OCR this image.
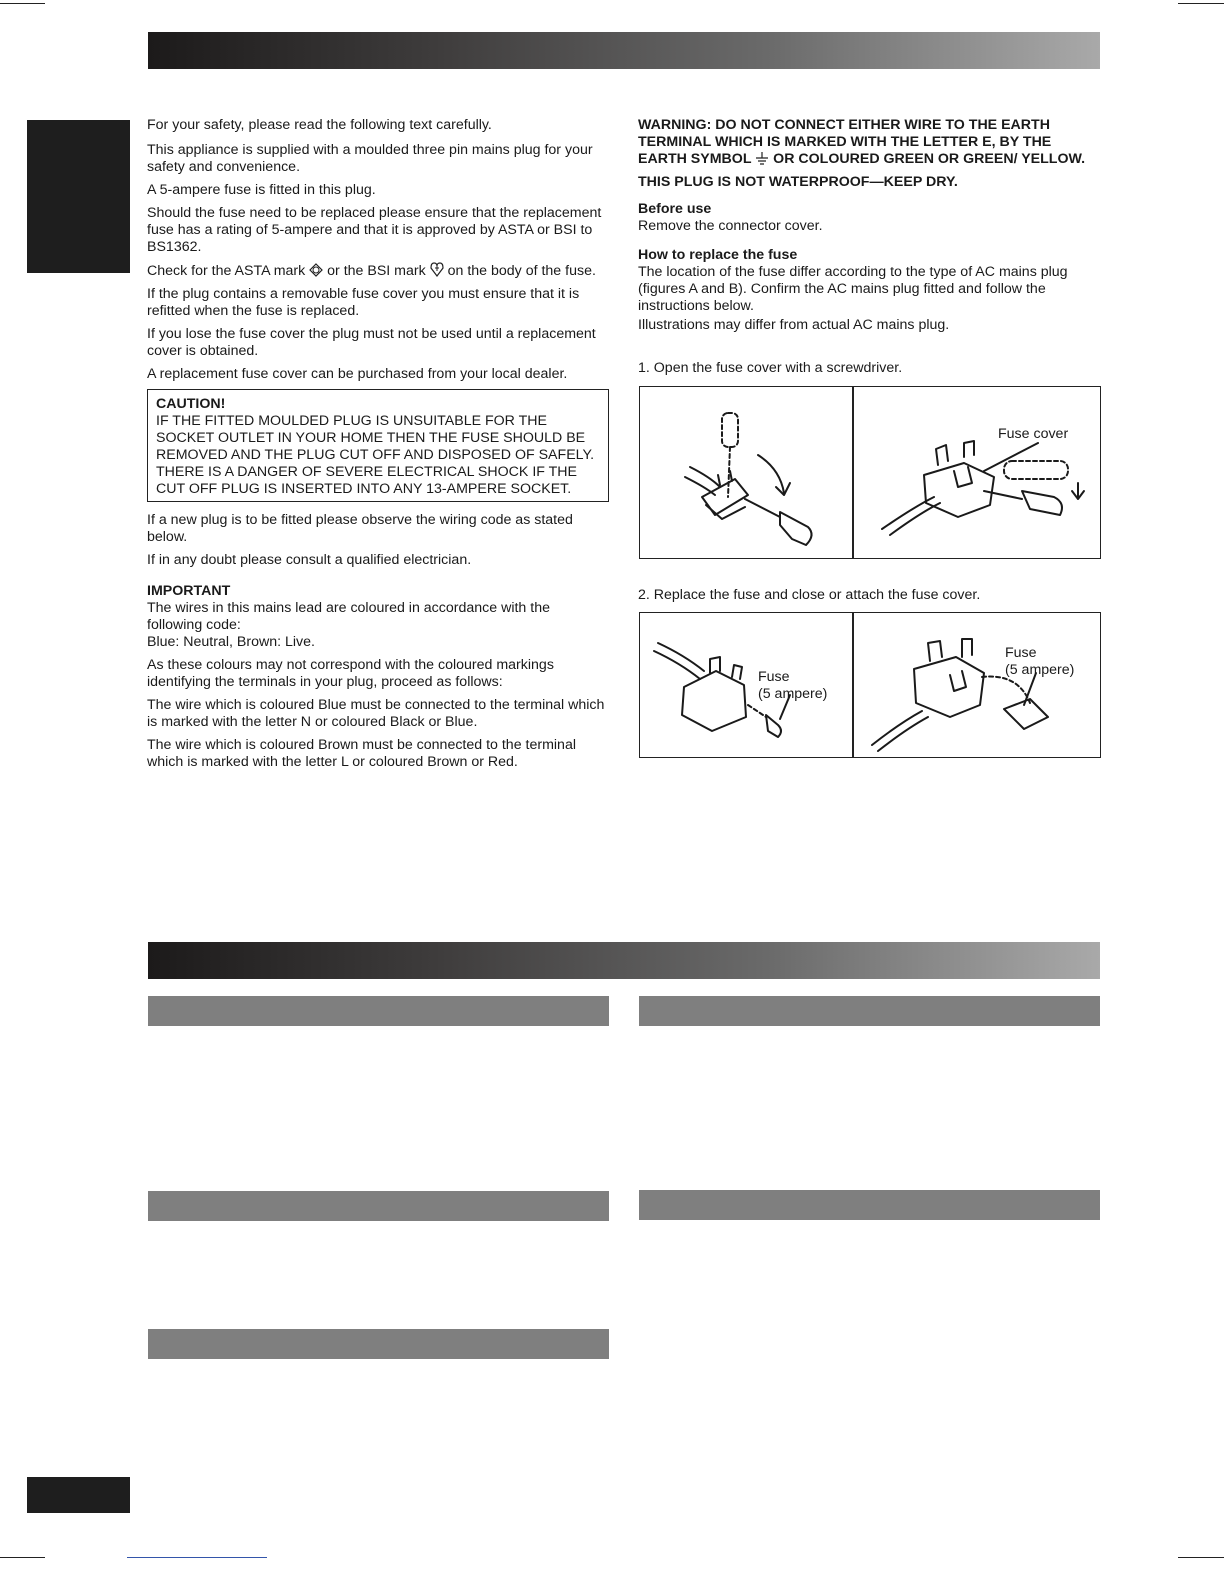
For your safety, please read the following text carefully.

This appliance is supplied with a moulded three pin mains plug for your safety and convenience.

A 5-ampere fuse is fitted in this plug.

Should the fuse need to be replaced please ensure that the replacement fuse has a rating of 5-ampere and that it is approved by ASTA or BSI to BS1362.

Check for the ASTA mark or the BSI mark on the body of the fuse.

If the plug contains a removable fuse cover you must ensure that it is refitted when the fuse is replaced.

If you lose the fuse cover the plug must not be used until a replacement cover is obtained.

A replacement fuse cover can be purchased from your local dealer.

CAUTION!
IF THE FITTED MOULDED PLUG IS UNSUITABLE FOR THE SOCKET OUTLET IN YOUR HOME THEN THE FUSE SHOULD BE REMOVED AND THE PLUG CUT OFF AND DISPOSED OF SAFELY.
THERE IS A DANGER OF SEVERE ELECTRICAL SHOCK IF THE CUT OFF PLUG IS INSERTED INTO ANY 13-AMPERE SOCKET.

If a new plug is to be fitted please observe the wiring code as stated below.

If in any doubt please consult a qualified electrician.

IMPORTANT
The wires in this mains lead are coloured in accordance with the following code:

Blue: Neutral, Brown: Live.

As these colours may not correspond with the coloured markings identifying the terminals in your plug, proceed as follows:

The wire which is coloured Blue must be connected to the terminal which is marked with the letter N or coloured Black or Blue.

The wire which is coloured Brown must be connected to the terminal which is marked with the letter L or coloured Brown or Red.

WARNING: DO NOT CONNECT EITHER WIRE TO THE EARTH TERMINAL WHICH IS MARKED WITH THE LETTER E, BY THE EARTH SYMBOL OR COLOURED GREEN OR GREEN/ YELLOW.

THIS PLUG IS NOT WATERPROOF—KEEP DRY.

Before use

Remove the connector cover.

How to replace the fuse
The location of the fuse differ according to the type of AC mains plug (figures A and B). Confirm the AC mains plug fitted and follow the instructions below.

Illustrations may differ from actual AC mains plug.

1. Open the fuse cover with a screwdriver.
Fuse cover
2. Replace the fuse and close or attach the fuse cover.
Fuse
(5 ampere)
Fuse
(5 ampere)
